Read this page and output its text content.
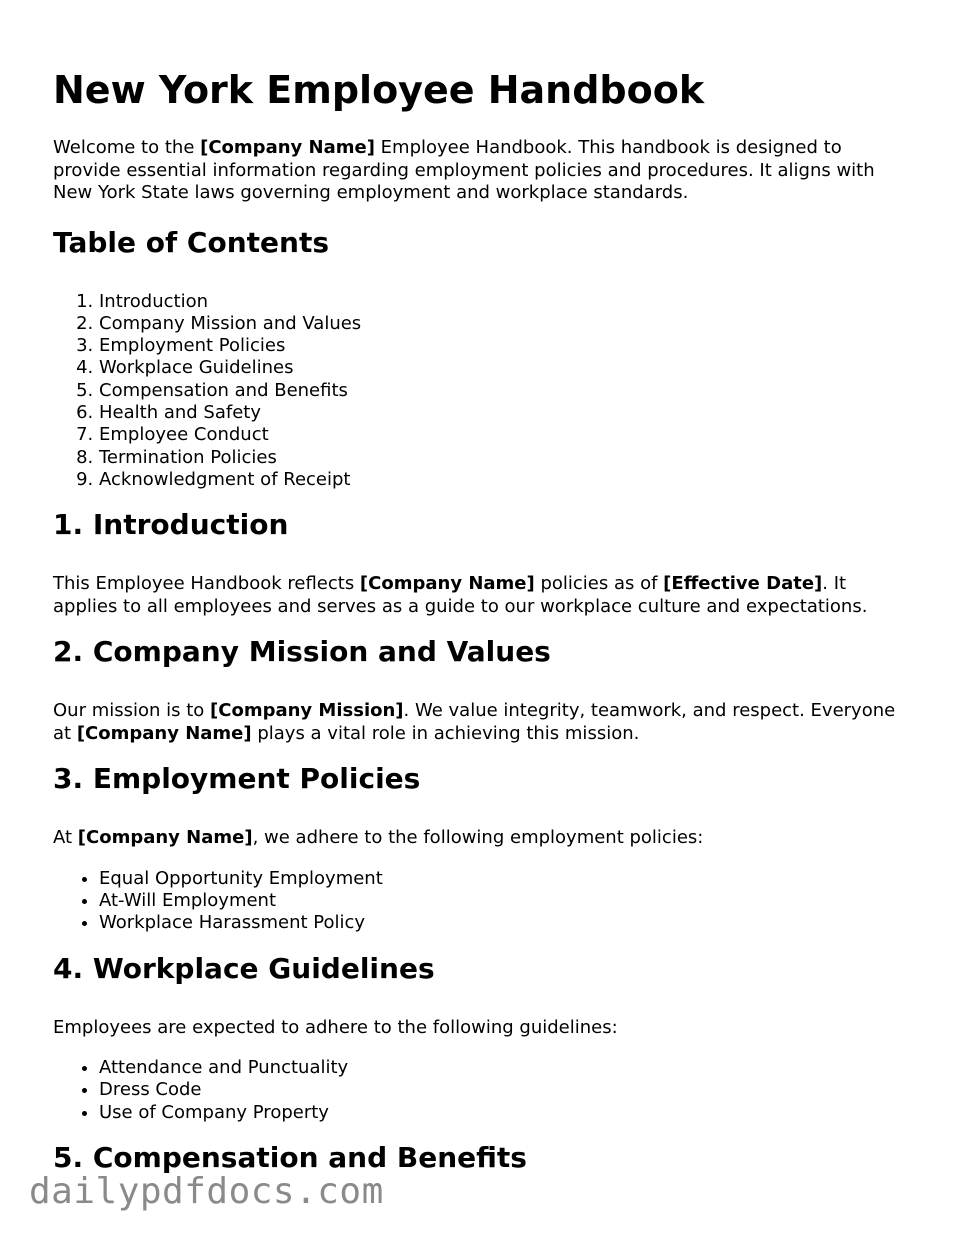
New York Employee Handbook

Welcome to the [Company Name] Employee Handbook. This handbook is designed to provide essential information regarding employment policies and procedures. It aligns with New York State laws governing employment and workplace standards.

Table of Contents
1. Introduction
2. Company Mission and Values
3. Employment Policies
4. Workplace Guidelines
5. Compensation and Benefits
6. Health and Safety
7. Employee Conduct
8. Termination Policies
9. Acknowledgment of Receipt
1. Introduction

This Employee Handbook reflects [Company Name] policies as of [Effective Date]. It applies to all employees and serves as a guide to our workplace culture and expectations.

2. Company Mission and Values

Our mission is to [Company Mission]. We value integrity, teamwork, and respect. Everyone at [Company Name] plays a vital role in achieving this mission.

3. Employment Policies

At [Company Name], we adhere to the following employment policies:

• Equal Opportunity Employment
• At-Will Employment
• Workplace Harassment Policy
4. Workplace Guidelines

Employees are expected to adhere to the following guidelines:

• Attendance and Punctuality
• Dress Code
• Use of Company Property
5. Compensation and Benefits
dailypdfdocs.com
